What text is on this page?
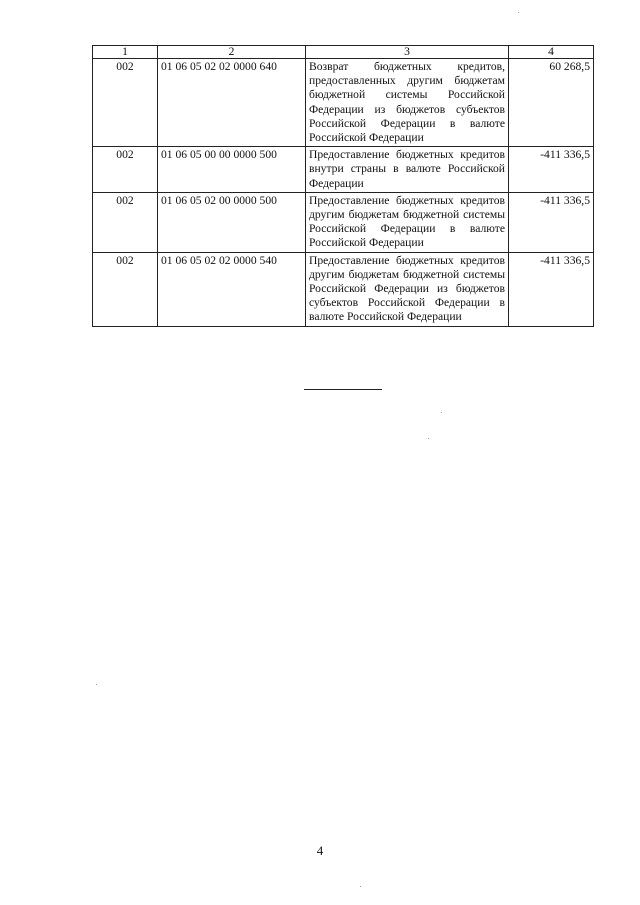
1	2	3	4
002	01 06 05 02 02 0000 640	Возврат бюджетных кредитов, предоставленных другим бюджетам бюджетной системы Российской Федерации из бюджетов субъектов Российской Федерации в валюте Российской Федерации	60 268,5
002	01 06 05 00 00 0000 500	Предоставление бюджетных кредитов внутри страны в валюте Российской Федерации	-411 336,5
002	01 06 05 02 00 0000 500	Предоставление бюджетных кредитов другим бюджетам бюджетной системы Российской Федерации в валюте Российской Федерации	-411 336,5
002	01 06 05 02 02 0000 540	Предоставление бюджетных кредитов другим бюджетам бюджетной системы Российской Федерации из бюджетов субъектов Российской Федерации в валюте Российской Федерации	-411 336,5
4
